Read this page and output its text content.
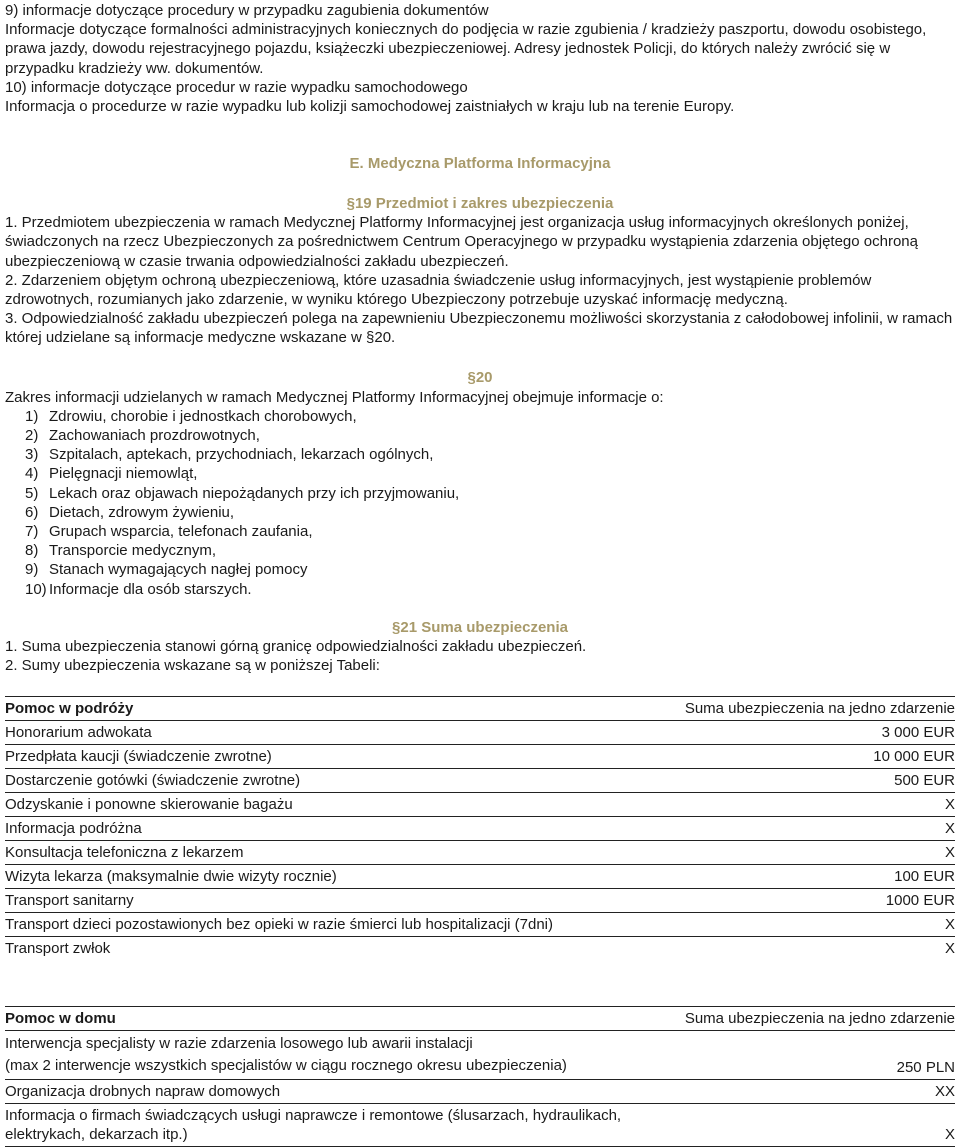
9) informacje dotyczące procedury w przypadku zagubienia dokumentów
Informacje dotyczące formalności administracyjnych koniecznych do podjęcia w razie zgubienia / kradzieży paszportu, dowodu osobistego, prawa jazdy, dowodu rejestracyjnego pojazdu, książeczki ubezpieczeniowej. Adresy jednostek Policji, do których należy zwrócić się w przypadku kradzieży ww. dokumentów.
10) informacje dotyczące procedur w razie wypadku samochodowego
Informacja o procedurze w razie wypadku lub kolizji samochodowej zaistniałych w kraju lub na terenie Europy.
E. Medyczna Platforma Informacyjna
§19 Przedmiot i zakres ubezpieczenia
1. Przedmiotem ubezpieczenia w ramach Medycznej Platformy Informacyjnej jest organizacja usług informacyjnych określonych poniżej, świadczonych na rzecz Ubezpieczonych za pośrednictwem Centrum Operacyjnego w przypadku wystąpienia zdarzenia objętego ochroną ubezpieczeniową w czasie trwania odpowiedzialności zakładu ubezpieczeń.
2. Zdarzeniem objętym ochroną ubezpieczeniową, które uzasadnia świadczenie usług informacyjnych, jest wystąpienie problemów zdrowotnych, rozumianych jako zdarzenie, w wyniku którego Ubezpieczony potrzebuje uzyskać informację medyczną.
3. Odpowiedzialność zakładu ubezpieczeń polega na zapewnieniu Ubezpieczonemu możliwości skorzystania z całodobowej infolinii, w ramach której udzielane są informacje medyczne wskazane w §20.
§20
Zakres informacji udzielanych w ramach Medycznej Platformy Informacyjnej obejmuje informacje o:
1) Zdrowiu, chorobie i jednostkach chorobowych,
2) Zachowaniach prozdrowotnych,
3) Szpitalach, aptekach, przychodniach, lekarzach ogólnych,
4) Pielęgnacji niemowląt,
5) Lekach oraz objawach niepożądanych przy ich przyjmowaniu,
6) Dietach, zdrowym żywieniu,
7) Grupach wsparcia, telefonach zaufania,
8) Transporcie medycznym,
9) Stanach wymagających nagłej pomocy
10) Informacje dla osób starszych.
§21 Suma ubezpieczenia
1. Suma ubezpieczenia stanowi górną granicę odpowiedzialności zakładu ubezpieczeń.
2. Sumy ubezpieczenia wskazane są w poniższej Tabeli:
Pomoc w podróży	Suma ubezpieczenia na jedno zdarzenie
Honorarium adwokata	3 000 EUR
Przedpłata kaucji (świadczenie zwrotne)	10 000 EUR
Dostarczenie gotówki (świadczenie zwrotne)	500 EUR
Odzyskanie i ponowne skierowanie bagażu	X
Informacja podróżna	X
Konsultacja telefoniczna z lekarzem	X
Wizyta lekarza (maksymalnie dwie wizyty rocznie)	100 EUR
Transport sanitarny	1000 EUR
Transport dzieci pozostawionych bez opieki w razie śmierci lub hospitalizacji (7dni)	X
Transport zwłok	X
Pomoc w domu	Suma ubezpieczenia na jedno zdarzenie

Interwencja specjalisty w razie zdarzenia losowego lub awarii instalacji
(max 2 interwencje wszystkich specjalistów w ciągu rocznego okresu ubezpieczenia)	250 PLN
Organizacja drobnych napraw domowych	XX
Informacja o firmach świadczących usługi naprawcze i remontowe (ślusarzach, hydraulikach, elektrykach, dekarzach itp.)	X
